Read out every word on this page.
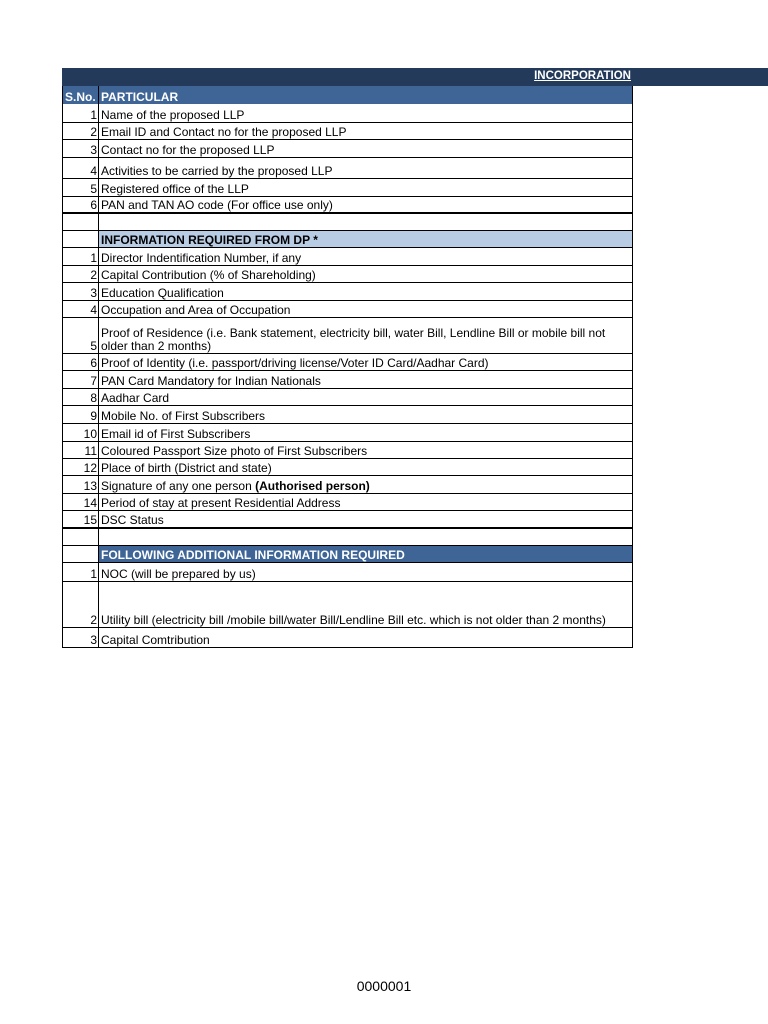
INCORPORATION
S.No.	PARTICULAR
1	Name of the proposed LLP
2	Email ID and Contact no for the proposed LLP
3	Contact no for the proposed LLP
4	Activities to be carried by the proposed LLP
5	Registered office of the LLP
6	PAN and TAN AO code (For office use only)

	INFORMATION REQUIRED FROM DP *
1	Director Indentification Number, if any
2	Capital Contribution (% of Shareholding)
3	Education Qualification
4	Occupation and Area of Occupation
5	Proof of Residence (i.e. Bank statement, electricity bill, water Bill, Lendline Bill or mobile bill not older than 2 months)
6	Proof of Identity (i.e. passport/driving license/Voter ID Card/Aadhar Card)
7	PAN Card Mandatory for Indian Nationals
8	Aadhar Card
9	Mobile No. of First Subscribers
10	Email id of First Subscribers
11	Coloured Passport Size photo of First Subscribers
12	Place of birth (District and state)
13	Signature of any one person (Authorised person)
14	Period of stay at present Residential Address
15	DSC Status

	FOLLOWING ADDITIONAL INFORMATION REQUIRED
1	NOC (will be prepared by us)
2	Utility bill (electricity bill /mobile bill/water Bill/Lendline Bill etc. which is not older than 2 months)
3	Capital Comtribution
0000001
